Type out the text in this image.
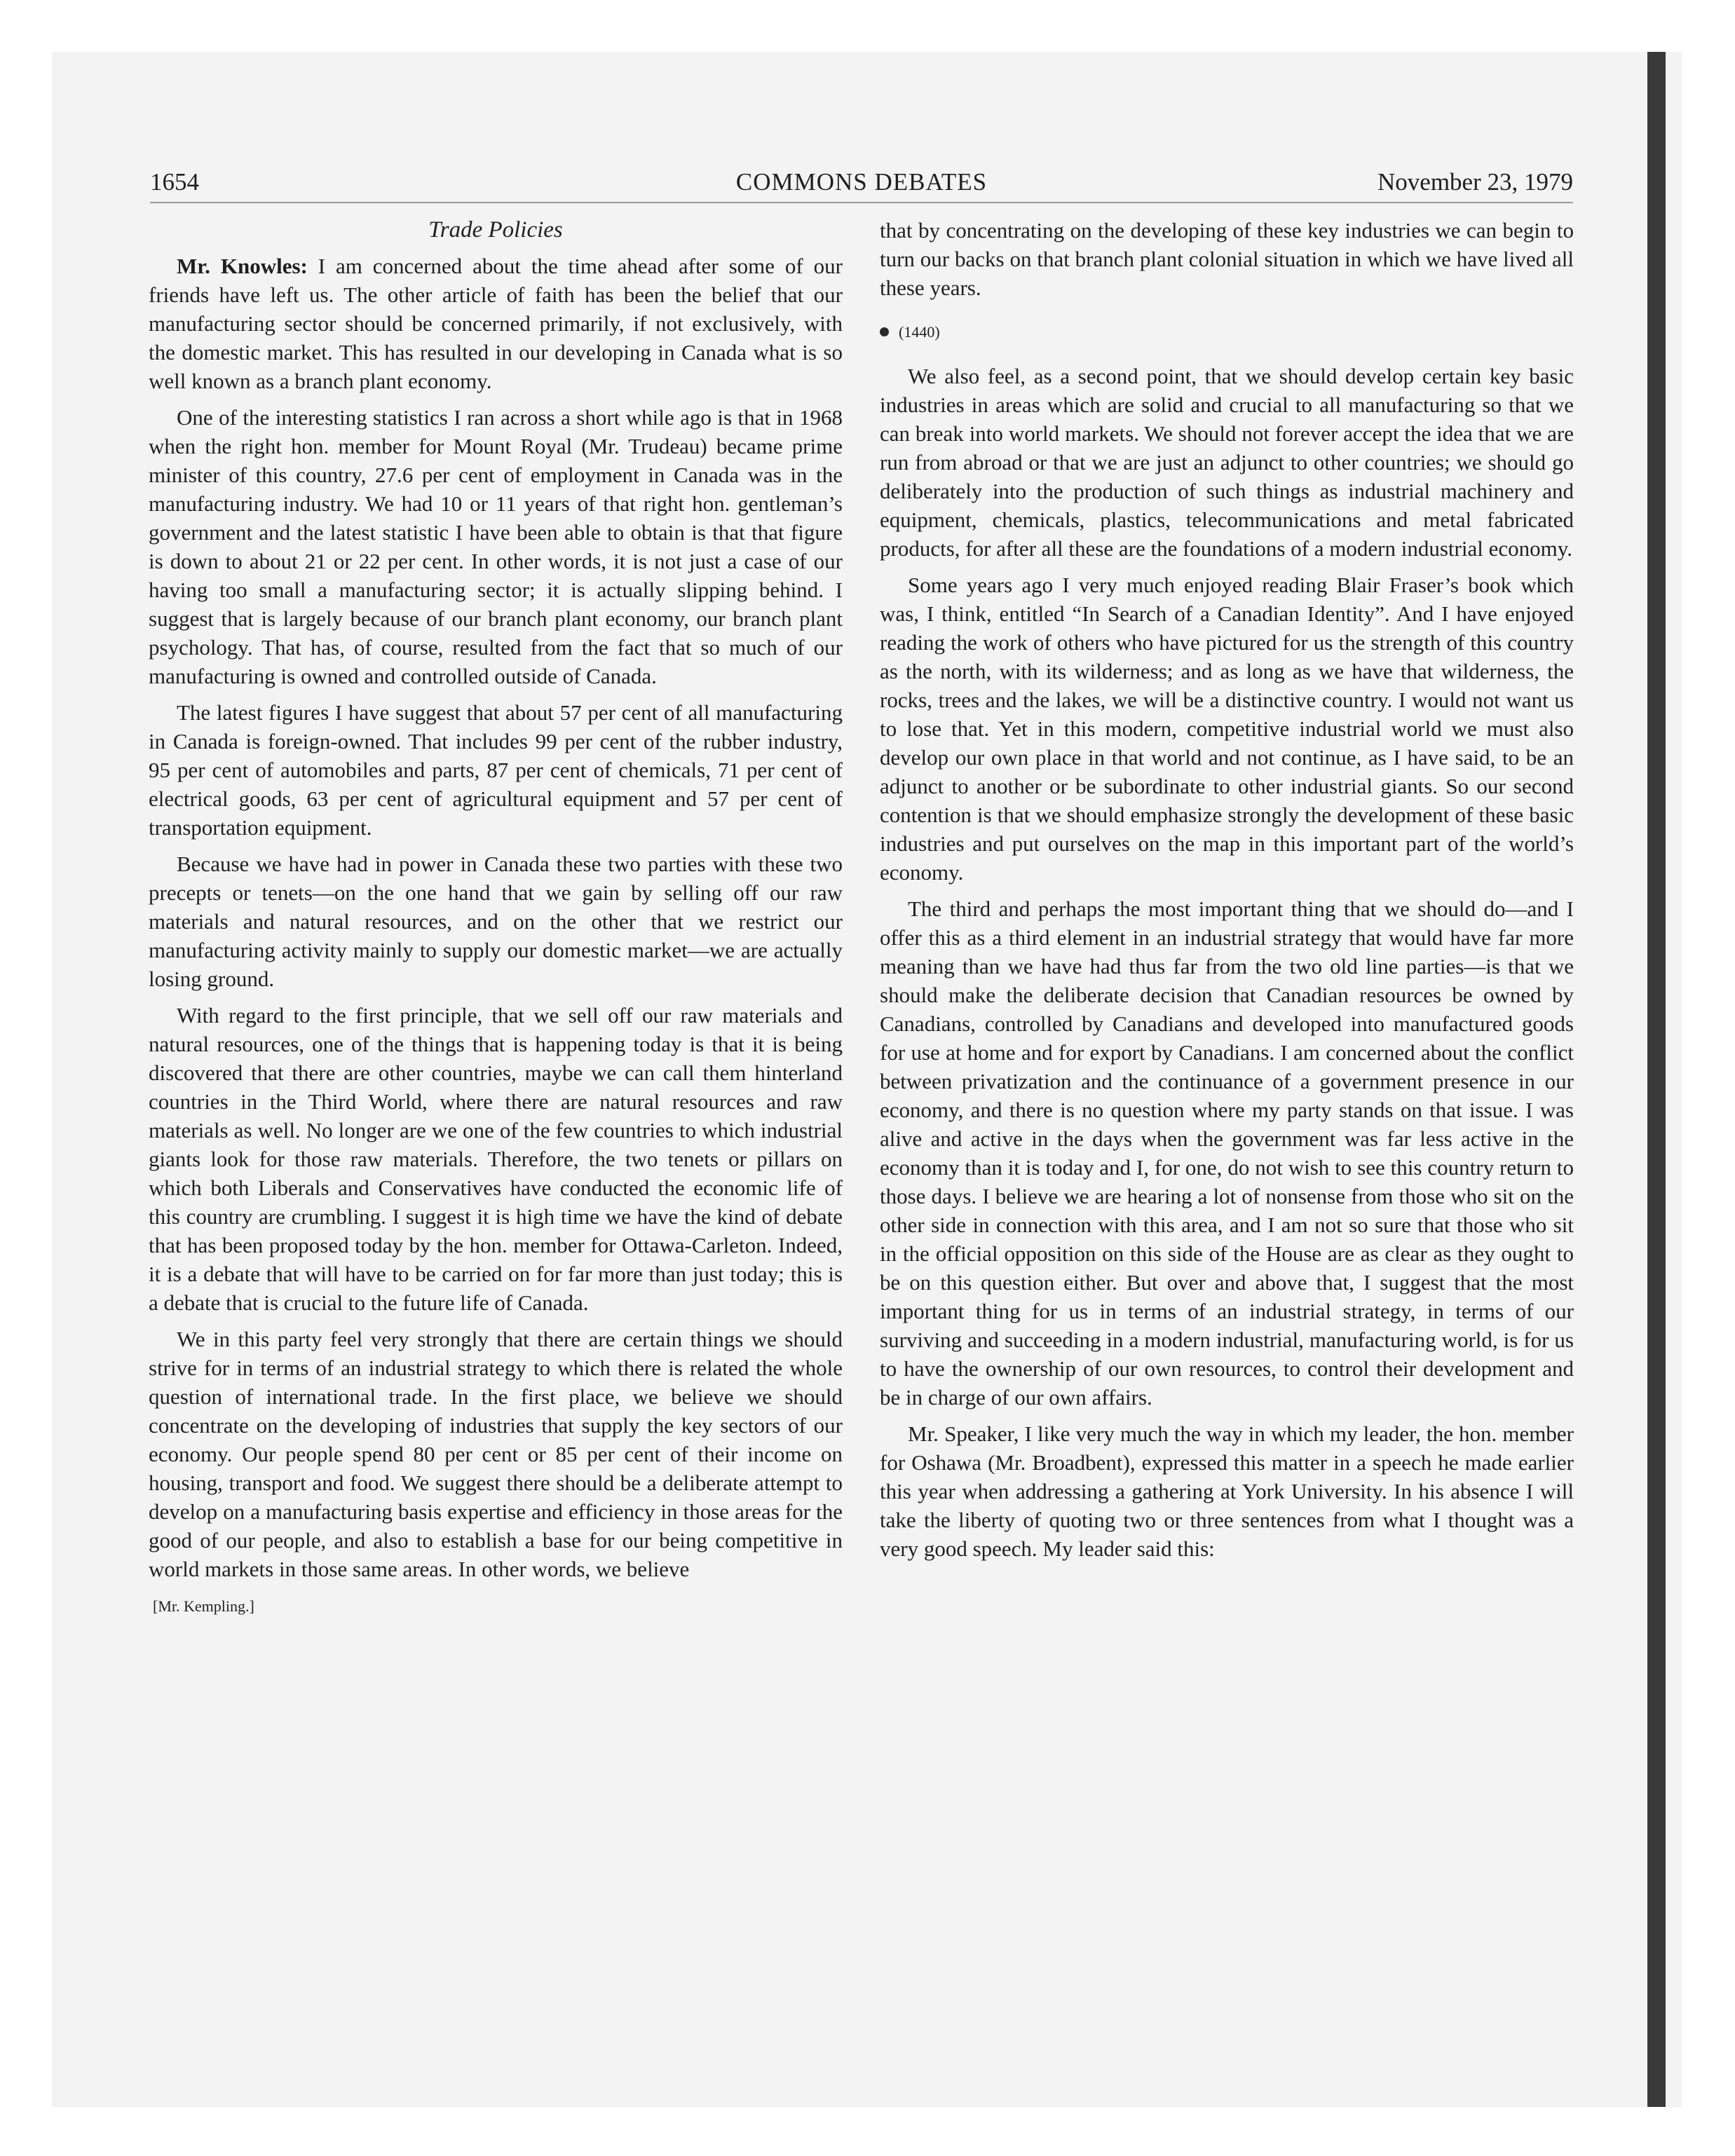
1654	COMMONS DEBATES	November 23, 1979
Trade Policies

Mr. Knowles: I am concerned about the time ahead after some of our friends have left us. The other article of faith has been the belief that our manufacturing sector should be concerned primarily, if not exclusively, with the domestic market. This has resulted in our developing in Canada what is so well known as a branch plant economy.

One of the interesting statistics I ran across a short while ago is that in 1968 when the right hon. member for Mount Royal (Mr. Trudeau) became prime minister of this country, 27.6 per cent of employment in Canada was in the manufacturing industry. We had 10 or 11 years of that right hon. gentleman’s government and the latest statistic I have been able to obtain is that that figure is down to about 21 or 22 per cent. In other words, it is not just a case of our having too small a manufacturing sector; it is actually slipping behind. I suggest that is largely because of our branch plant economy, our branch plant psychology. That has, of course, resulted from the fact that so much of our manufacturing is owned and controlled outside of Canada.

The latest figures I have suggest that about 57 per cent of all manufacturing in Canada is foreign-owned. That includes 99 per cent of the rubber industry, 95 per cent of automobiles and parts, 87 per cent of chemicals, 71 per cent of electrical goods, 63 per cent of agricultural equipment and 57 per cent of transportation equipment.

Because we have had in power in Canada these two parties with these two precepts or tenets—on the one hand that we gain by selling off our raw materials and natural resources, and on the other that we restrict our manufacturing activity mainly to supply our domestic market—we are actually losing ground.

With regard to the first principle, that we sell off our raw materials and natural resources, one of the things that is happening today is that it is being discovered that there are other countries, maybe we can call them hinterland countries in the Third World, where there are natural resources and raw materials as well. No longer are we one of the few countries to which industrial giants look for those raw materials. Therefore, the two tenets or pillars on which both Liberals and Conservatives have conducted the economic life of this country are crumbling. I suggest it is high time we have the kind of debate that has been proposed today by the hon. member for Ottawa-Carleton. Indeed, it is a debate that will have to be carried on for far more than just today; this is a debate that is crucial to the future life of Canada.

We in this party feel very strongly that there are certain things we should strive for in terms of an industrial strategy to which there is related the whole question of international trade. In the first place, we believe we should concentrate on the developing of industries that supply the key sectors of our economy. Our people spend 80 per cent or 85 per cent of their income on housing, transport and food. We suggest there should be a deliberate attempt to develop on a manufacturing basis expertise and efficiency in those areas for the good of our people, and also to establish a base for our being competitive in world markets in those same areas. In other words, we believe

[Mr. Kempling.]

that by concentrating on the developing of these key industries we can begin to turn our backs on that branch plant colonial situation in which we have lived all these years.

(1440)

We also feel, as a second point, that we should develop certain key basic industries in areas which are solid and crucial to all manufacturing so that we can break into world markets. We should not forever accept the idea that we are run from abroad or that we are just an adjunct to other countries; we should go deliberately into the production of such things as industrial machinery and equipment, chemicals, plastics, telecommunications and metal fabricated products, for after all these are the foundations of a modern industrial economy.

Some years ago I very much enjoyed reading Blair Fraser’s book which was, I think, entitled “In Search of a Canadian Identity”. And I have enjoyed reading the work of others who have pictured for us the strength of this country as the north, with its wilderness; and as long as we have that wilderness, the rocks, trees and the lakes, we will be a distinctive country. I would not want us to lose that. Yet in this modern, competitive industrial world we must also develop our own place in that world and not continue, as I have said, to be an adjunct to another or be subordinate to other industrial giants. So our second contention is that we should emphasize strongly the development of these basic industries and put ourselves on the map in this important part of the world’s economy.

The third and perhaps the most important thing that we should do—and I offer this as a third element in an industrial strategy that would have far more meaning than we have had thus far from the two old line parties—is that we should make the deliberate decision that Canadian resources be owned by Canadians, controlled by Canadians and developed into manufactured goods for use at home and for export by Canadians. I am concerned about the conflict between privatization and the continuance of a government presence in our economy, and there is no question where my party stands on that issue. I was alive and active in the days when the government was far less active in the economy than it is today and I, for one, do not wish to see this country return to those days. I believe we are hearing a lot of nonsense from those who sit on the other side in connection with this area, and I am not so sure that those who sit in the official opposition on this side of the House are as clear as they ought to be on this question either. But over and above that, I suggest that the most important thing for us in terms of an industrial strategy, in terms of our surviving and succeeding in a modern industrial, manufacturing world, is for us to have the ownership of our own resources, to control their development and be in charge of our own affairs.

Mr. Speaker, I like very much the way in which my leader, the hon. member for Oshawa (Mr. Broadbent), expressed this matter in a speech he made earlier this year when addressing a gathering at York University. In his absence I will take the liberty of quoting two or three sentences from what I thought was a very good speech. My leader said this:
